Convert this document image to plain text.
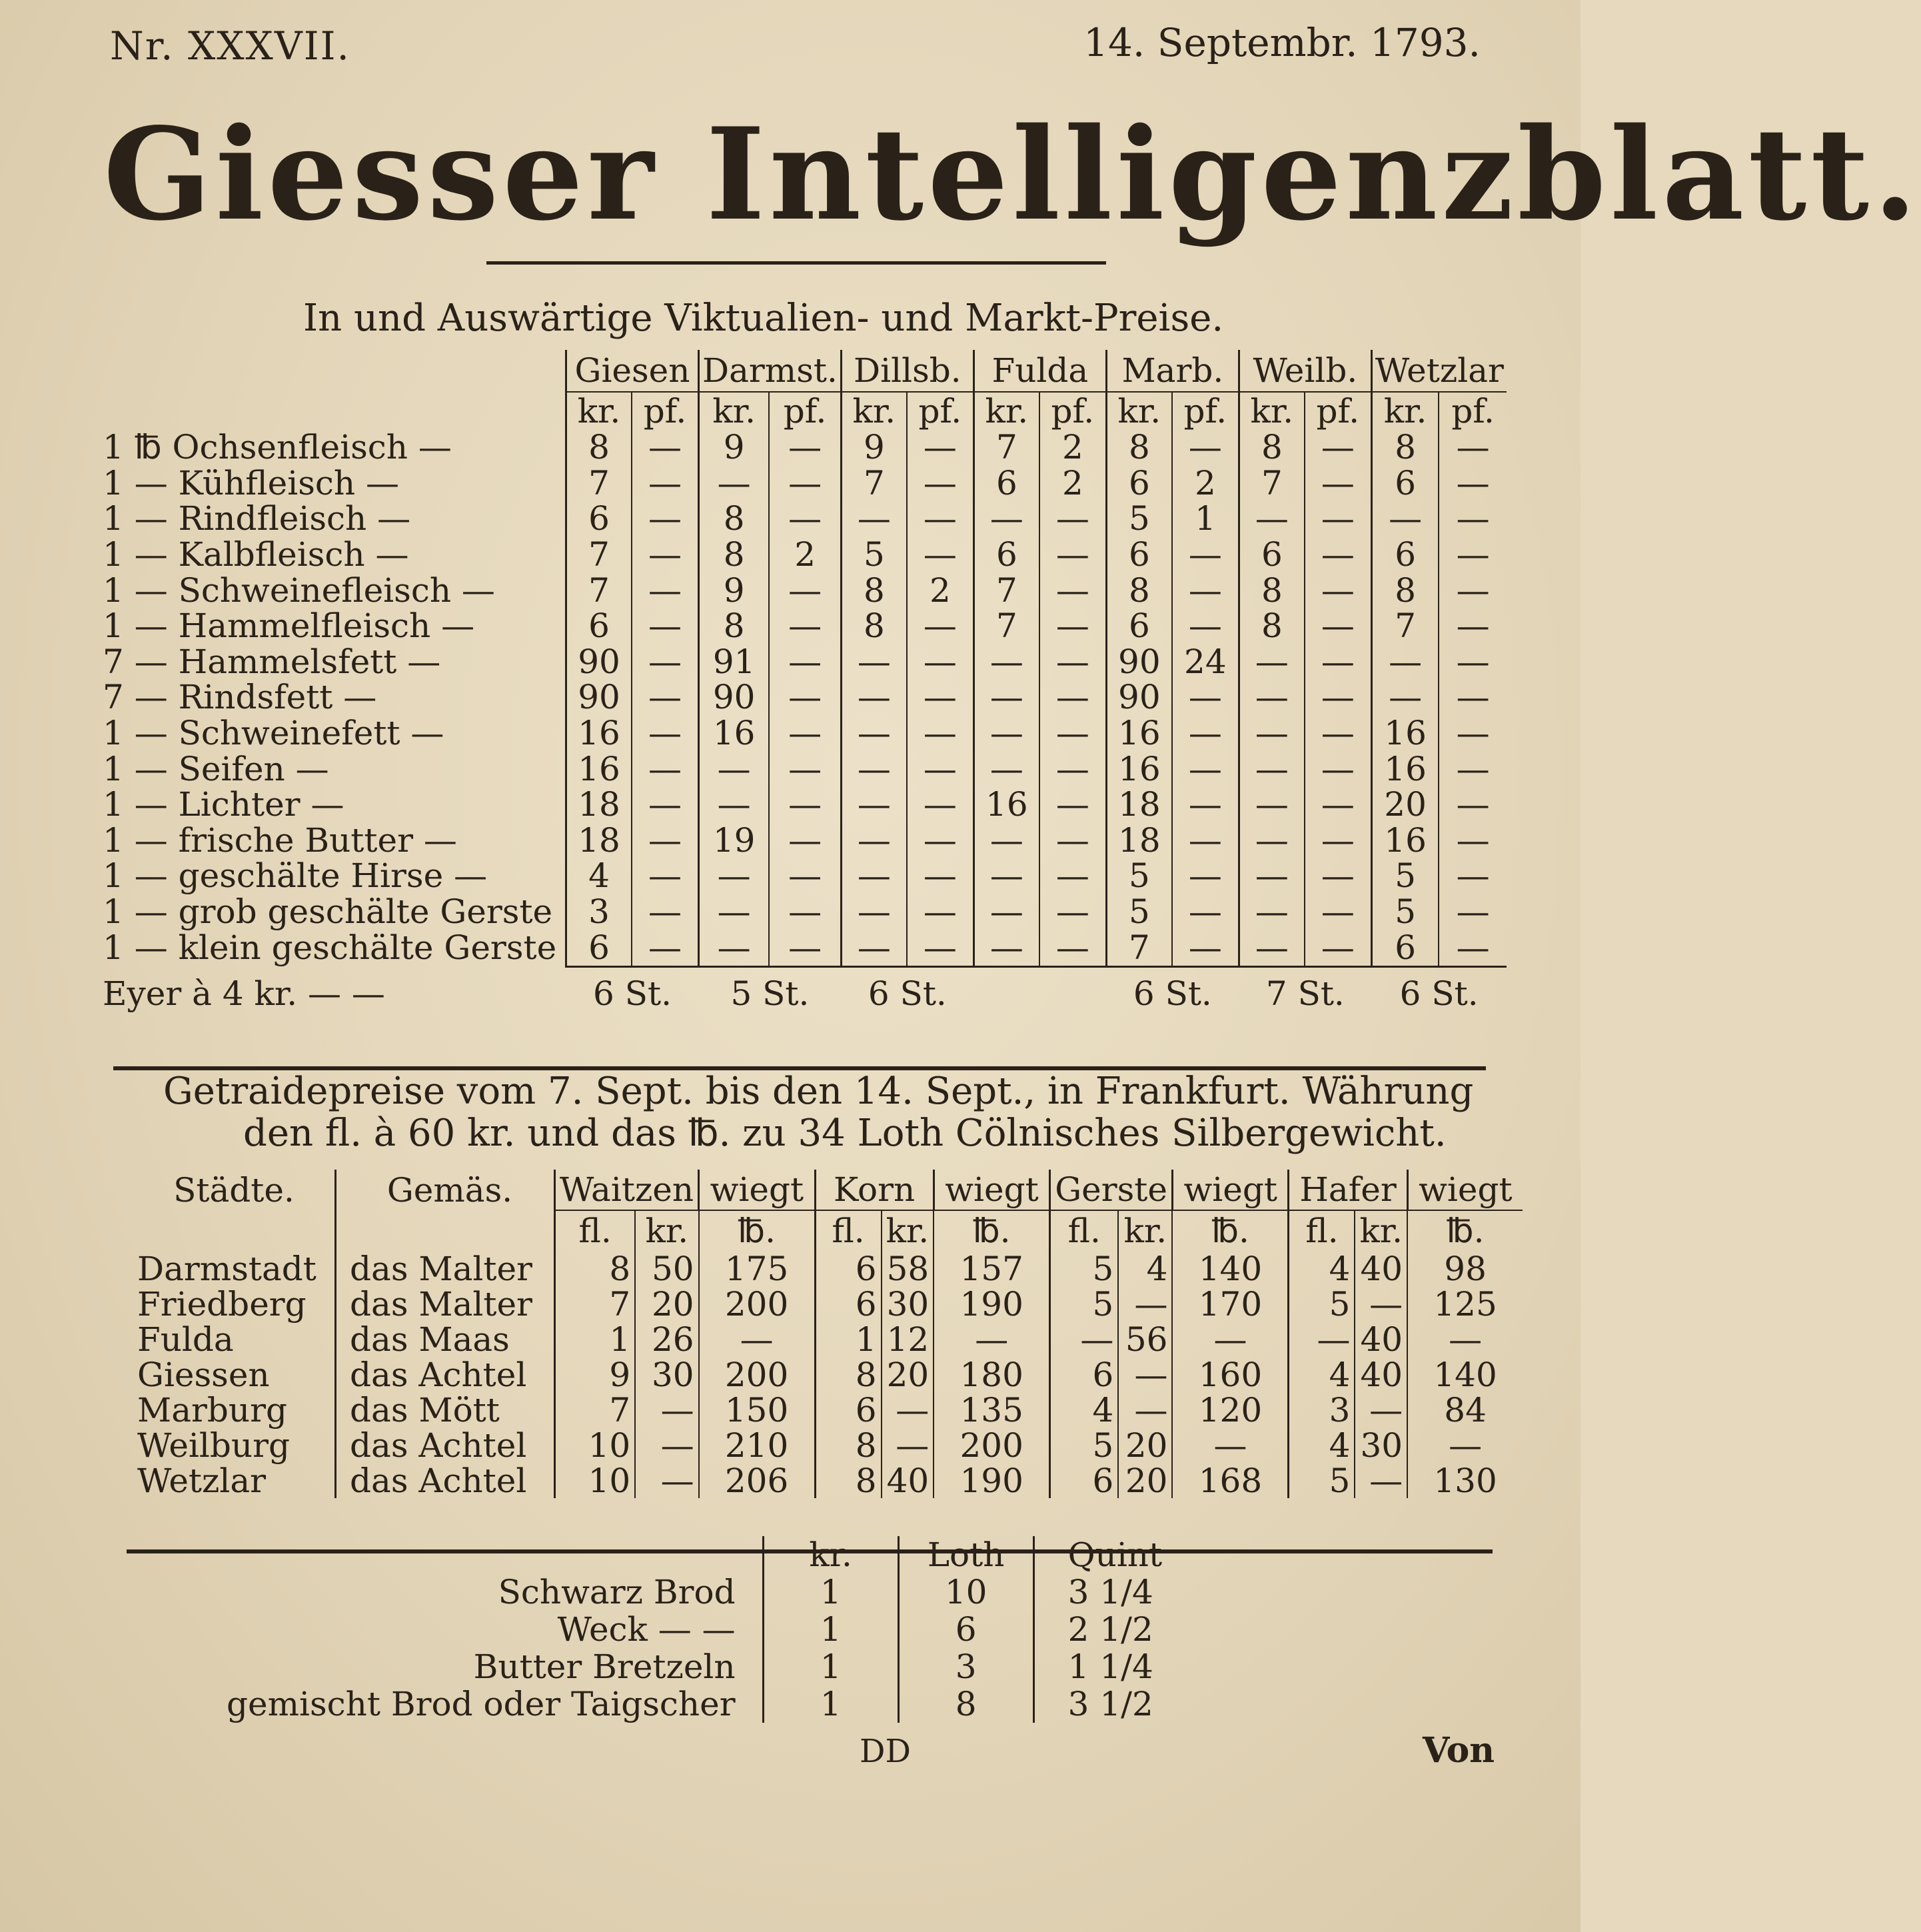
Nr. XXXVII.	14. Septembr. 1793.
Giesser Intelligenzblatt.
In und Auswärtige Viktualien- und Markt-Preise.
	Giesen		Darmst.		Dillsb.		Fulda		Marb.		Weilb.		Wetzlar	
	kr.	pf.	kr.	pf.	kr.	pf.	kr.	pf.	kr.	pf.	kr.	pf.	kr.	pf.
1 ℔ Ochsenfleisch —	8	—	9	—	9	—	7	2	8	—	8	—	8	—
1 — Kühfleisch —	7	—	—	—	7	—	6	2	6	2	7	—	6	—
1 — Rindfleisch —	6	—	8	—	—	—	—	—	5	1	—	—	—	—
1 — Kalbfleisch —	7	—	8	2	5	—	6	—	6	—	6	—	6	—
1 — Schweinefleisch —	7	—	9	—	8	2	7	—	8	—	8	—	8	—
1 — Hammelfleisch —	6	—	8	—	8	—	7	—	6	—	8	—	7	—
7 — Hammelsfett —	90	—	91	—	—	—	—	—	90	24	—	—	—	—
7 — Rindsfett —	90	—	90	—	—	—	—	—	90	—	—	—	—	—
1 — Schweinefett —	16	—	16	—	—	—	—	—	16	—	—	—	16	—
1 — Seifen —	16	—	—	—	—	—	—	—	16	—	—	—	16	—
1 — Lichter —	18	—	—	—	—	—	16	—	18	—	—	—	20	—
1 — frische Butter —	18	—	19	—	—	—	—	—	18	—	—	—	16	—
1 — geschälte Hirse —	4	—	—	—	—	—	—	—	5	—	—	—	5	—
1 — grob geschälte Gerste	3	—	—	—	—	—	—	—	5	—	—	—	5	—
1 — klein geschälte Gerste	6	—	—	—	—	—	—	—	7	—	—	—	6	—
Eyer à 4 kr. — —	6 St.		5 St.		6 St.				6 St.		7 St.		6 St.	
Getraidepreise vom 7. Sept. bis den 14. Sept., in Frankfurt. Währung
den fl. à 60 kr. und das ℔. zu 34 Loth Cölnisches Silbergewicht.
Städte.	Gemäs.	Waitzen		wiegt	Korn		wiegt	Gerste		wiegt	Hafer		wiegt
		fl.	kr.	℔.	fl.	kr.	℔.	fl.	kr.	℔.	fl.	kr.	℔.
Darmstadt	das Malter	8	50	175	6	58	157	5	4	140	4	40	98
Friedberg	das Malter	7	20	200	6	30	190	5	—	170	5	—	125
Fulda	das Maas	1	26	—	1	12	—	—	56	—	—	40	—
Giessen	das Achtel	9	30	200	8	20	180	6	—	160	4	40	140
Marburg	das Mött	7	—	150	6	—	135	4	—	120	3	—	84
Weilburg	das Achtel	10	—	210	8	—	200	5	20	—	4	30	—
Wetzlar	das Achtel	10	—	206	8	40	190	6	20	168	5	—	130
	kr.	Loth	Quint
Schwarz Brod	1	10	3 1/4
Weck — —	1	6	2 1/2
Butter Bretzeln	1	3	1 1/4
gemischt Brod oder Taigscher	1	8	3 1/2
DD	Von
